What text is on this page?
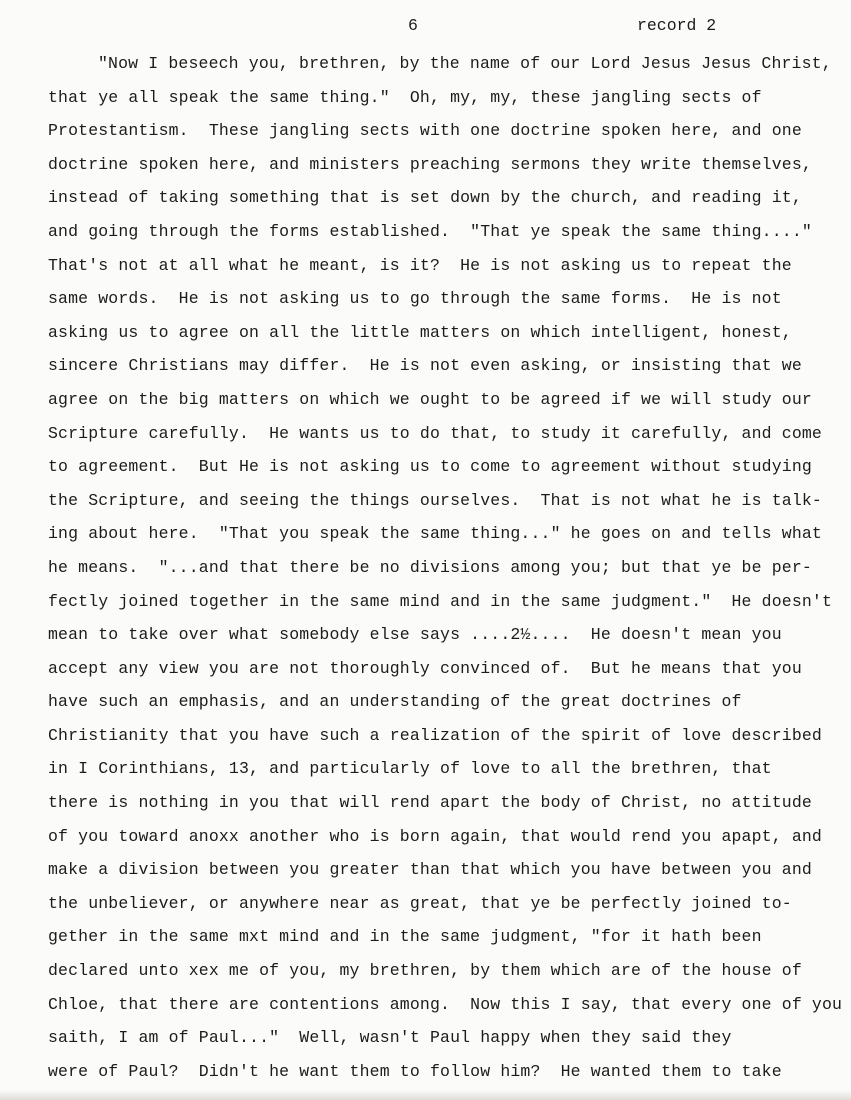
6	record 2
"Now I beseech you, brethren, by the name of our Lord Jesus Jesus Christ,
that ye all speak the same thing."  Oh, my, my, these jangling sects of
Protestantism.  These jangling sects with one doctrine spoken here, and one
doctrine spoken here, and ministers preaching sermons they write themselves,
instead of taking something that is set down by the church, and reading it,
and going through the forms established.  "That ye speak the same thing...."
That's not at all what he meant, is it?  He is not asking us to repeat the
same words.  He is not asking us to go through the same forms.  He is not
asking us to agree on all the little matters on which intelligent, honest,
sincere Christians may differ.  He is not even asking, or insisting that we
agree on the big matters on which we ought to be agreed if we will study our
Scripture carefully.  He wants us to do that, to study it carefully, and come
to agreement.  But He is not asking us to come to agreement without studying
the Scripture, and seeing the things ourselves.  That is not what he is talk-
ing about here.  "That you speak the same thing..." he goes on and tells what
he means.  "...and that there be no divisions among you; but that ye be per-
fectly joined together in the same mind and in the same judgment."  He doesn't
mean to take over what somebody else says ....2½....  He doesn't mean you
accept any view you are not thoroughly convinced of.  But he means that you
have such an emphasis, and an understanding of the great doctrines of
Christianity that you have such a realization of the spirit of love described
in I Corinthians, 13, and particularly of love to all the brethren, that
there is nothing in you that will rend apart the body of Christ, no attitude
of you toward anoxx another who is born again, that would rend you apapt, and
make a division between you greater than that which you have between you and
the unbeliever, or anywhere near as great, that ye be perfectly joined to-
gether in the same mxt mind and in the same judgment, "for it hath been
declared unto xex me of you, my brethren, by them which are of the house of
Chloe, that there are contentions among.  Now this I say, that every one of you
saith, I am of Paul..."  Well, wasn't Paul happy when they said they
were of Paul?  Didn't he want them to follow him?  He wanted them to take
